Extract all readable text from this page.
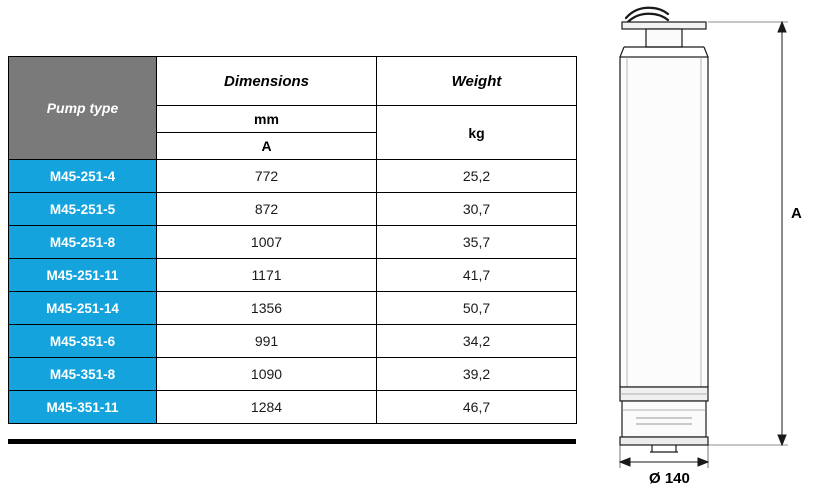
Pump type	Dimensions	Weight
	mm	kg
	A	
M45-251-4	772	25,2
M45-251-5	872	30,7
M45-251-8	1007	35,7
M45-251-11	1171	41,7
M45-251-14	1356	50,7
M45-351-6	991	34,2
M45-351-8	1090	39,2
M45-351-11	1284	46,7
A
Ø 140
